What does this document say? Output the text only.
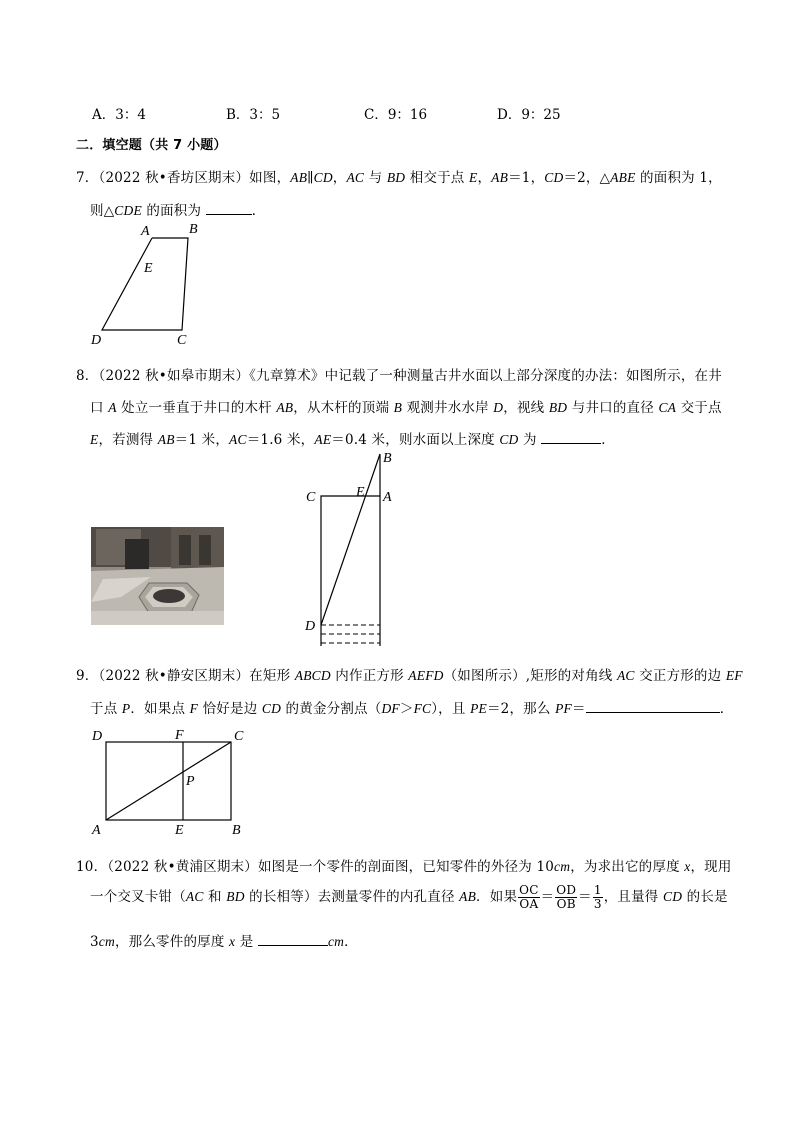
A．3：4	B．3：5	C．9：16	D．9：25
二．填空题（共 7 小题）
7．（2022 秋•香坊区期末）如图，AB∥CD，AC 与 BD 相交于点 E，AB＝1，CD＝2，△ABE 的面积为 1，
则△CDE 的面积为	．
A	B
E
D	C
8．（2022 秋•如皋市期末）《九章算术》中记载了一种测量古井水面以上部分深度的办法：如图所示，在井
口 A 处立一垂直于井口的木杆 AB，从木杆的顶端 B 观测井水水岸 D，视线 BD 与井口的直径 CA 交于点
E，若测得 AB＝1 米，AC＝1.6 米，AE＝0.4 米，则水面以上深度 CD 为	．
B
C	E A
D
9．（2022 秋•静安区期末）在矩形 ABCD 内作正方形 AEFD（如图所示）,矩形的对角线 AC 交正方形的边 EF
于点 P．如果点 F 恰好是边 CD 的黄金分割点（DF＞FC），且 PE＝2，那么 PF＝	．
D	F	C
P
A	E	B
10．（2022 秋•黄浦区期末）如图是一个零件的剖面图，已知零件的外径为 10cm，为求出它的厚度 x，现用
一个交叉卡钳（AC 和 BD 的长相等）去测量零件的内孔直径 AB．如果 $\frac{OC}{OA} = \frac{OD}{OB} = \frac{1}{3}$ ，且量得 CD 的长是
3cm，那么零件的厚度 x 是	cm．
